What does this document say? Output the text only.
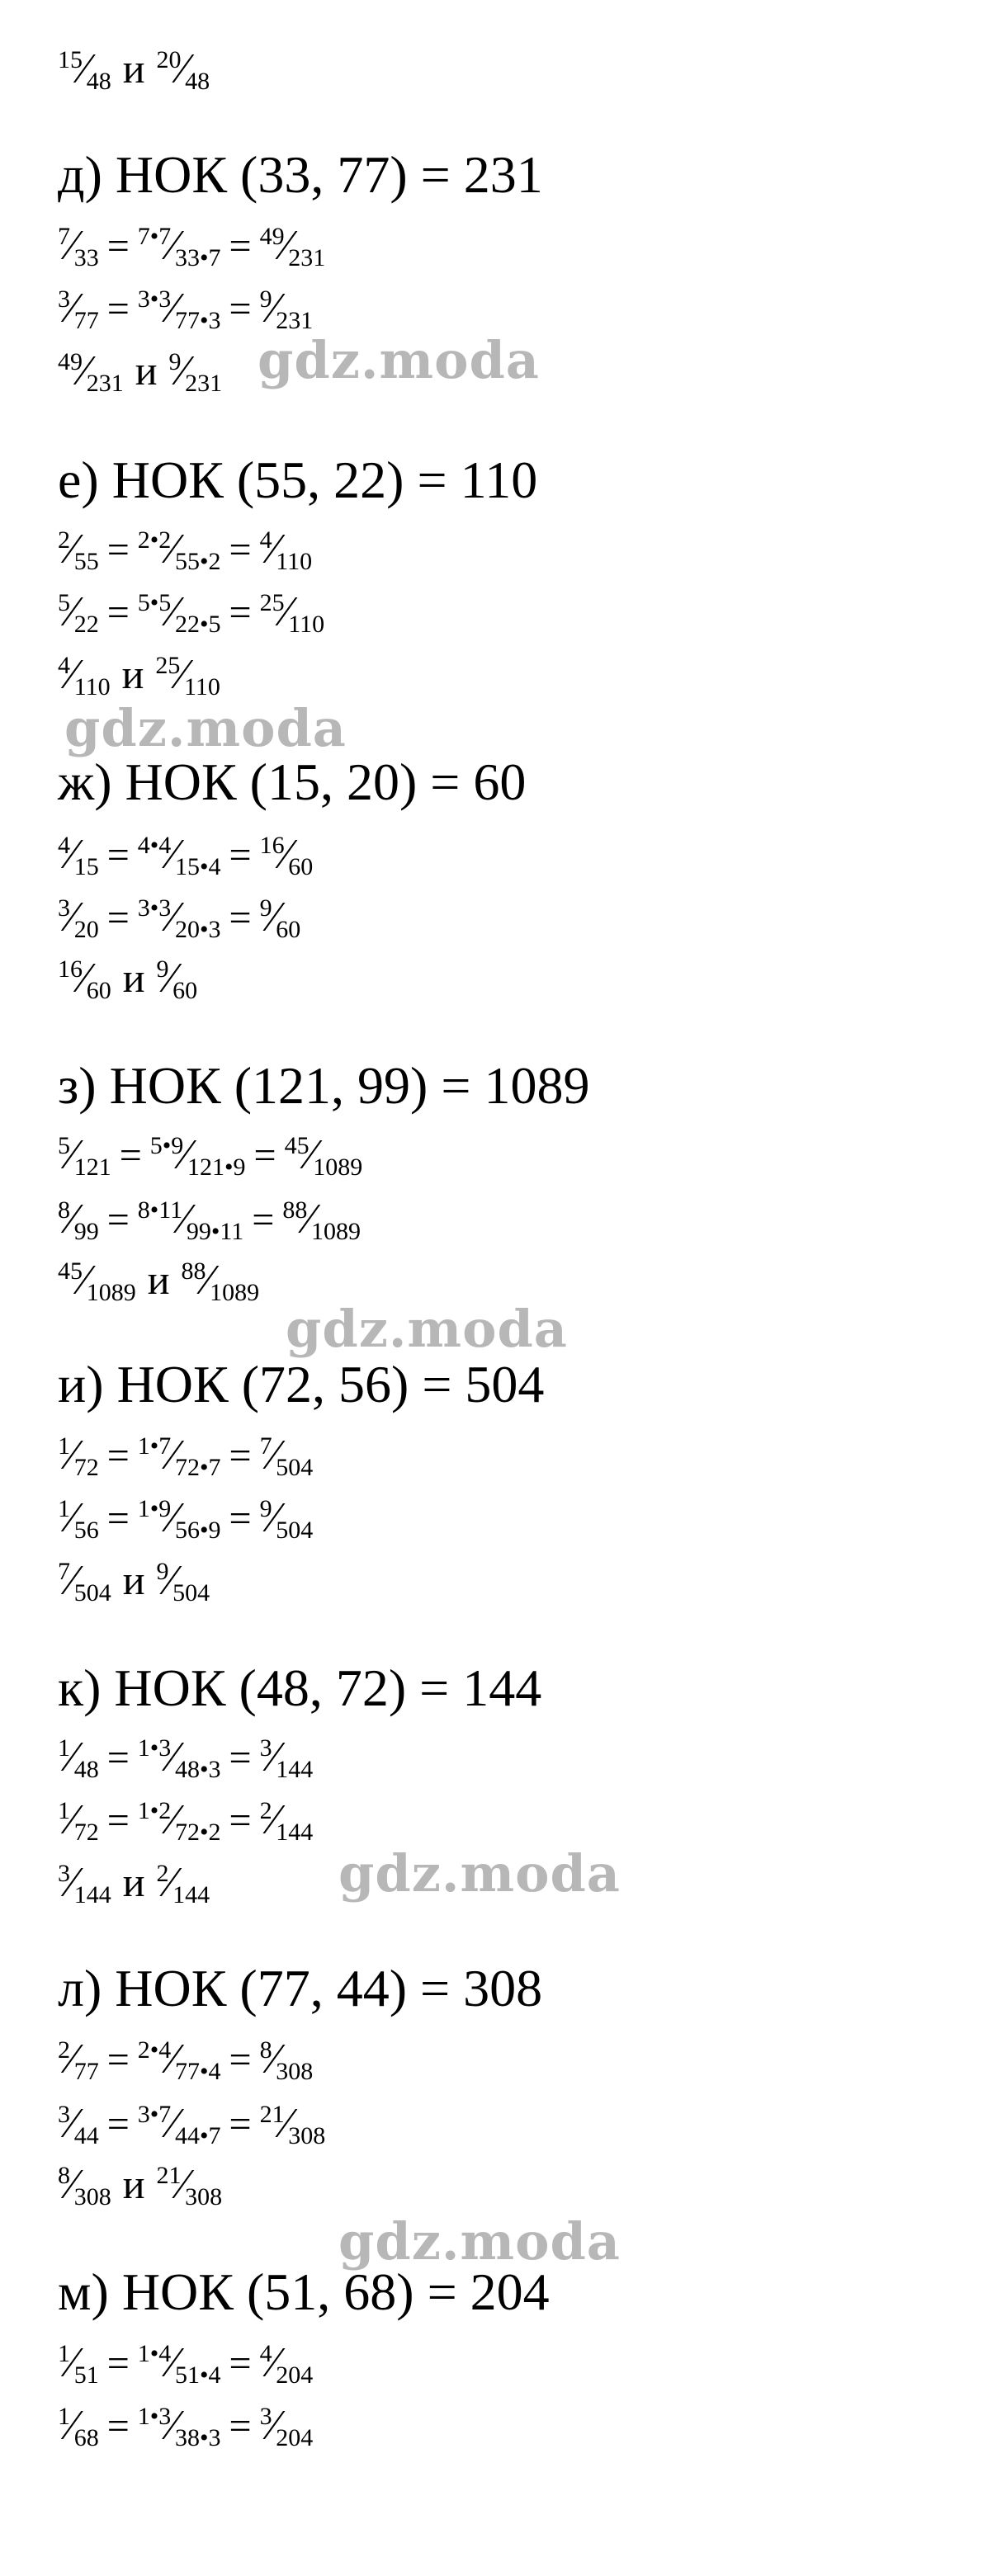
$^{15}$⁄48 и $^{20}$⁄48
д) НОК (33, 77) = 231
$^7$⁄33 = $^{7•7}$⁄33•7 = $^{49}$⁄231
$^3$⁄77 = $^{3•3}$⁄77•3 = $^9$⁄231
$^{49}$⁄231 и $^9$⁄231 gdz.moda
е) НОК (55, 22) = 110
$^2$⁄55 = $^{2•2}$⁄55•2 = $^4$⁄110
$^5$⁄22 = $^{5•5}$⁄22•5 = $^{25}$⁄110
$^4$⁄110 и $^{25}$⁄110
gdz.moda
ж) НОК (15, 20) = 60
$^4$⁄15 = $^{4•4}$⁄15•4 = $^{16}$⁄60
$^3$⁄20 = $^{3•3}$⁄20•3 = $^9$⁄60
$^{16}$⁄60 и $^9$⁄60
з) НОК (121, 99) = 1089
$^5$⁄121 = $^{5•9}$⁄121•9 = $^{45}$⁄1089
$^8$⁄99 = $^{8•11}$⁄99•11 = $^{88}$⁄1089
$^{45}$⁄1089 и $^{88}$⁄1089
gdz.moda
и) НОК (72, 56) = 504
$^1$⁄72 = $^{1•7}$⁄72•7 = $^7$⁄504
$^1$⁄56 = $^{1•9}$⁄56•9 = $^9$⁄504
$^7$⁄504 и $^9$⁄504
к) НОК (48, 72) = 144
$^1$⁄48 = $^{1•3}$⁄48•3 = $^3$⁄144
$^1$⁄72 = $^{1•2}$⁄72•2 = $^2$⁄144
$^3$⁄144 и $^2$⁄144	gdz.moda
л) НОК (77, 44) = 308
$^2$⁄77 = $^{2•4}$⁄77•4 = $^8$⁄308
$^3$⁄44 = $^{3•7}$⁄44•7 = $^{21}$⁄308
$^8$⁄308 и $^{21}$⁄308
gdz.moda
м) НОК (51, 68) = 204
$^1$⁄51 = $^{1•4}$⁄51•4 = $^4$⁄204
$^1$⁄68 = $^{1•3}$⁄38•3 = $^3$⁄204
